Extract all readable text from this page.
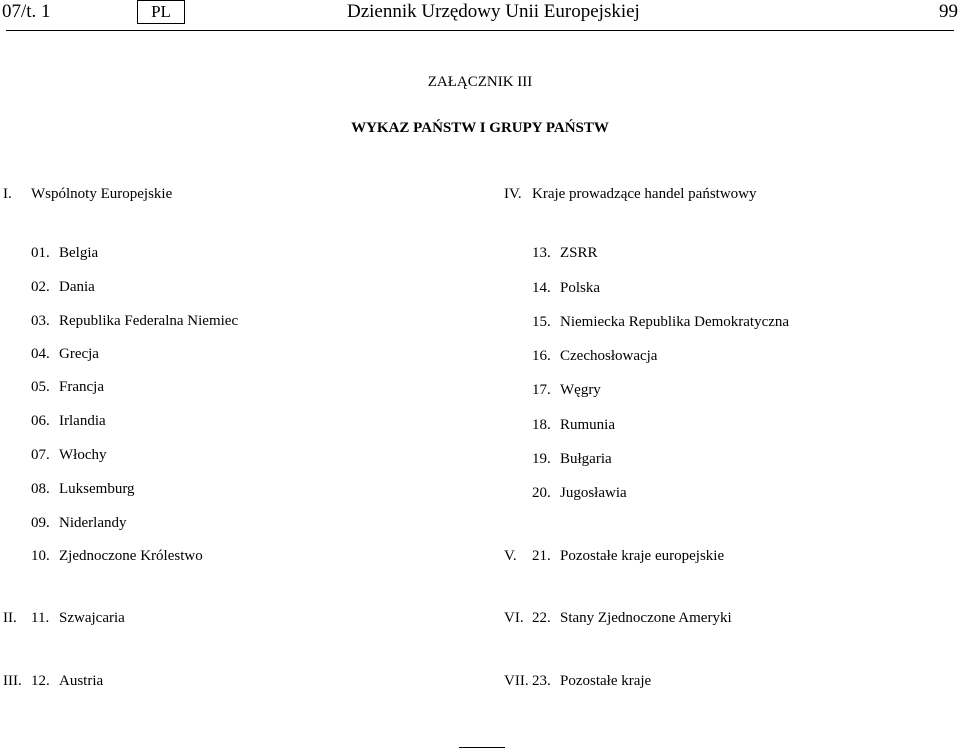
07/t. 1	PL	Dziennik Urzędowy Unii Europejskiej	99
ZAŁĄCZNIK III
WYKAZ PAŃSTW I GRUPY PAŃSTW
I. Wspólnoty Europejskie	IV. Kraje prowadzące handel państwowy
01. Belgia
02. Dania
03. Republika Federalna Niemiec
04. Grecja
05. Francja
06. Irlandia
07. Włochy
08. Luksemburg
09. Niderlandy
10. Zjednoczone Królestwo
13. ZSRR
14. Polska
15. Niemiecka Republika Demokratyczna
16. Czechosłowacja
17. Węgry
18. Rumunia
19. Bułgaria
20. Jugosławia
V. 21. Pozostałe kraje europejskie
II. 11. Szwajcaria	VI. 22. Stany Zjednoczone Ameryki
III. 12. Austria	VII. 23. Pozostałe kraje
